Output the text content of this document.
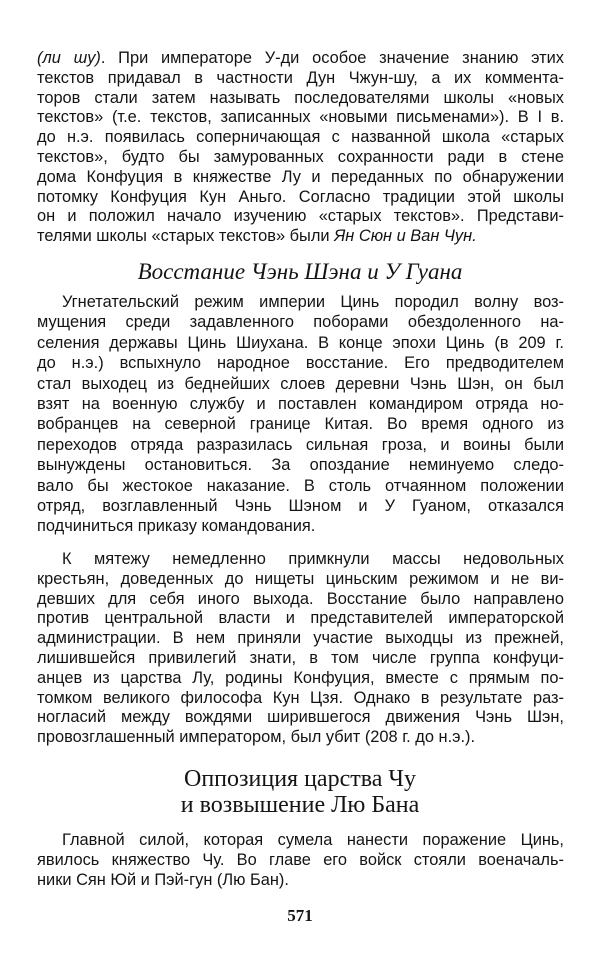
(ли шу). При императоре У-ди особое значение знанию этих
текстов придавал в частности Дун Чжун-шу, а их коммента-
торов стали затем называть последователями школы «новых
текстов» (т.е. текстов, записанных «новыми письменами»). В I в.
до н.э. появилась соперничающая с названной школа «старых
текстов», будто бы замурованных сохранности ради в стене
дома Конфуция в княжестве Лу и переданных по обнаружении
потомку Конфуция Кун Аньго. Согласно традиции этой школы
он и положил начало изучению «старых текстов». Представи-
телями школы «старых текстов» были Ян Сюн и Ван Чун.
Восстание Чэнь Шэна и У Гуана
Угнетательский режим империи Цинь породил волну воз-
мущения среди задавленного поборами обездоленного на-
селения державы Цинь Шиухана. В конце эпохи Цинь (в 209 г.
до н.э.) вспыхнуло народное восстание. Его предводителем
стал выходец из беднейших слоев деревни Чэнь Шэн, он был
взят на военную службу и поставлен командиром отряда но-
вобранцев на северной границе Китая. Во время одного из
переходов отряда разразилась сильная гроза, и воины были
вынуждены остановиться. За опоздание неминуемо следо-
вало бы жестокое наказание. В столь отчаянном положении
отряд, возглавленный Чэнь Шэном и У Гуаном, отказался
подчиниться приказу командования.
К мятежу немедленно примкнули массы недовольных
крестьян, доведенных до нищеты циньским режимом и не ви-
девших для себя иного выхода. Восстание было направлено
против центральной власти и представителей императорской
администрации. В нем приняли участие выходцы из прежней,
лишившейся привилегий знати, в том числе группа конфуци-
анцев из царства Лу, родины Конфуция, вместе с прямым по-
томком великого философа Кун Цзя. Однако в результате раз-
ногласий между вождями ширившегося движения Чэнь Шэн,
провозглашенный императором, был убит (208 г. до н.э.).
Оппозиция царства Чу
и возвышение Лю Бана
Главной силой, которая сумела нанести поражение Цинь,
явилось княжество Чу. Во главе его войск стояли военачаль-
ники Сян Юй и Пэй-гун (Лю Бан).
571
